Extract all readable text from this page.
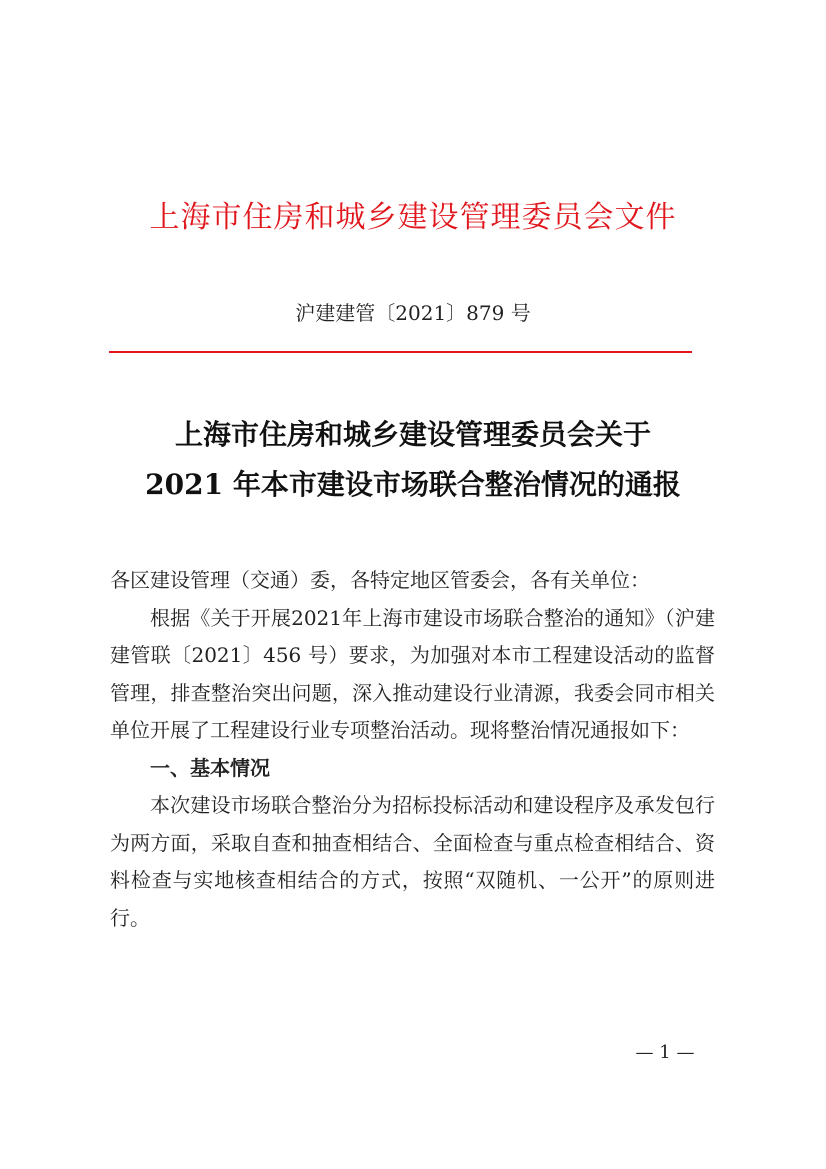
上海市住房和城乡建设管理委员会文件
沪建建管〔2021〕879 号
上海市住房和城乡建设管理委员会关于
2021 年本市建设市场联合整治情况的通报

各区建设管理（交通）委，各特定地区管委会，各有关单位：

根据《关于开展2021年上海市建设市场联合整治的通知》（沪建建管联〔2021〕456 号）要求，为加强对本市工程建设活动的监督管理，排查整治突出问题，深入推动建设行业清源，我委会同市相关单位开展了工程建设行业专项整治活动。现将整治情况通报如下：

一、基本情况

本次建设市场联合整治分为招标投标活动和建设程序及承发包行为两方面，采取自查和抽查相结合、全面检查与重点检查相结合、资料检查与实地核查相结合的方式，按照“双随机、一公开”的原则进行。

— 1 —
